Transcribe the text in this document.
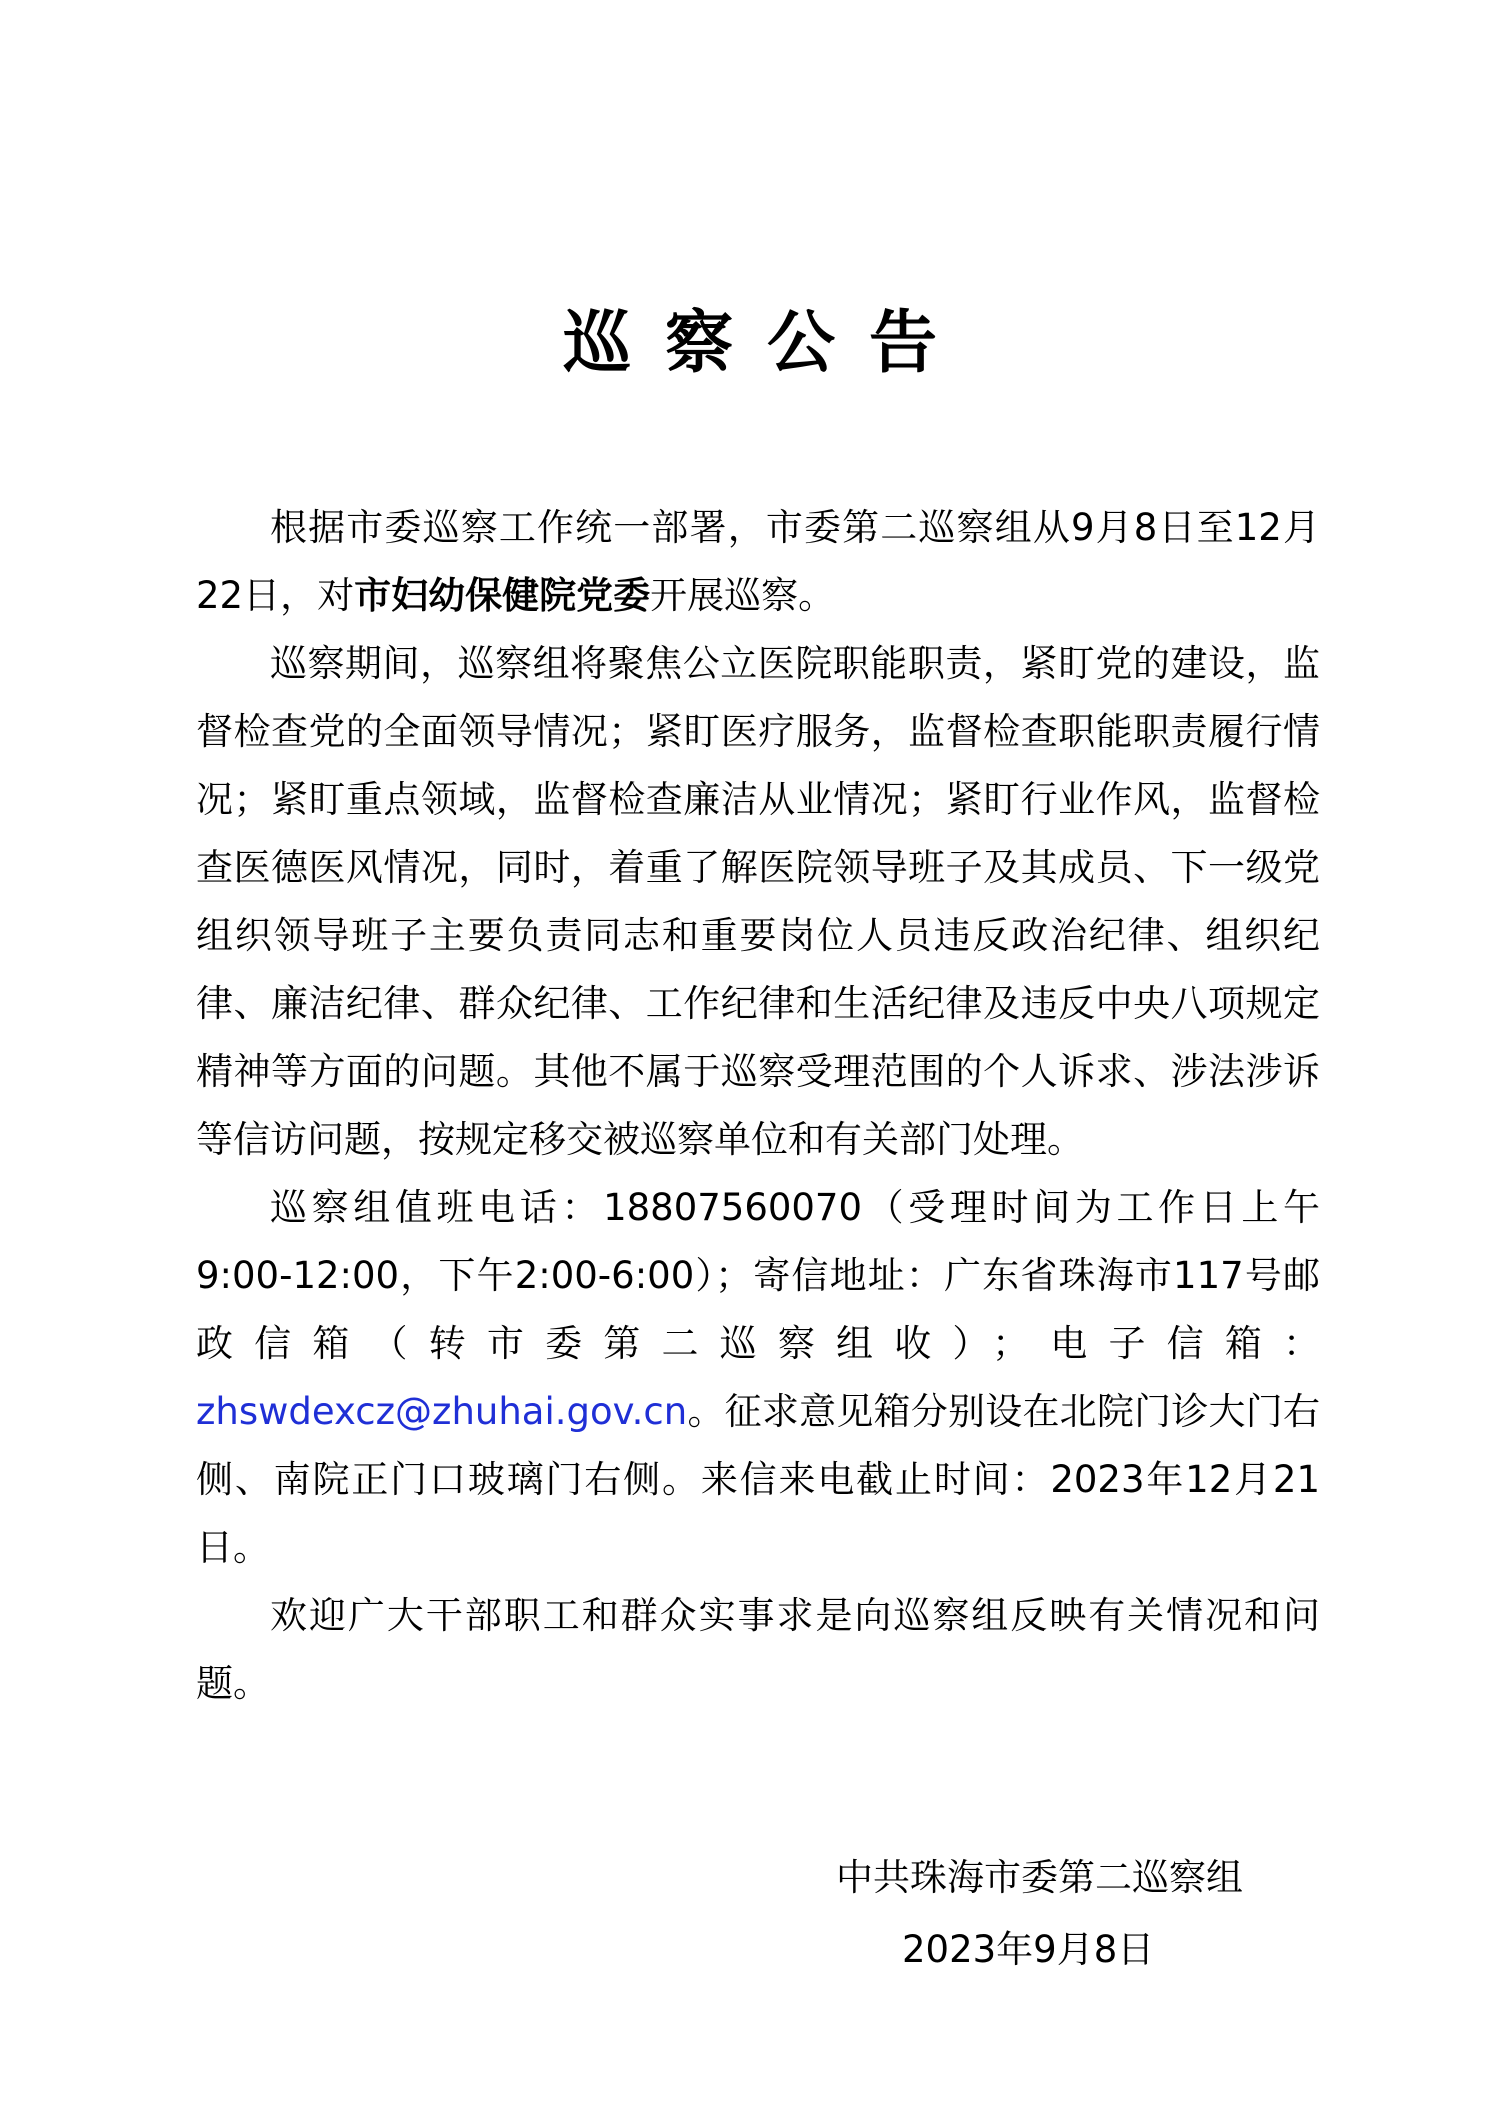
巡察公告

根据市委巡察工作统一部署，市委第二巡察组从9月8日至12月22日，对市妇幼保健院党委开展巡察。

巡察期间，巡察组将聚焦公立医院职能职责，紧盯党的建设，监督检查党的全面领导情况；紧盯医疗服务，监督检查职能职责履行情况；紧盯重点领域，监督检查廉洁从业情况；紧盯行业作风，监督检查医德医风情况，同时，着重了解医院领导班子及其成员、下一级党组织领导班子主要负责同志和重要岗位人员违反政治纪律、组织纪律、廉洁纪律、群众纪律、工作纪律和生活纪律及违反中央八项规定精神等方面的问题。其他不属于巡察受理范围的个人诉求、涉法涉诉等信访问题，按规定移交被巡察单位和有关部门处理。

巡察组值班电话：18807560070（受理时间为工作日上午9:00-12:00，下午2:00-6:00）；寄信地址：广东省珠海市117号邮政信箱（转市委第二巡察组收）；电子信箱：zhswdexcz@zhuhai.gov.cn。征求意见箱分别设在北院门诊大门右侧、南院正门口玻璃门右侧。来信来电截止时间：2023年12月21日。

欢迎广大干部职工和群众实事求是向巡察组反映有关情况和问题。

中共珠海市委第二巡察组
2023年9月8日
